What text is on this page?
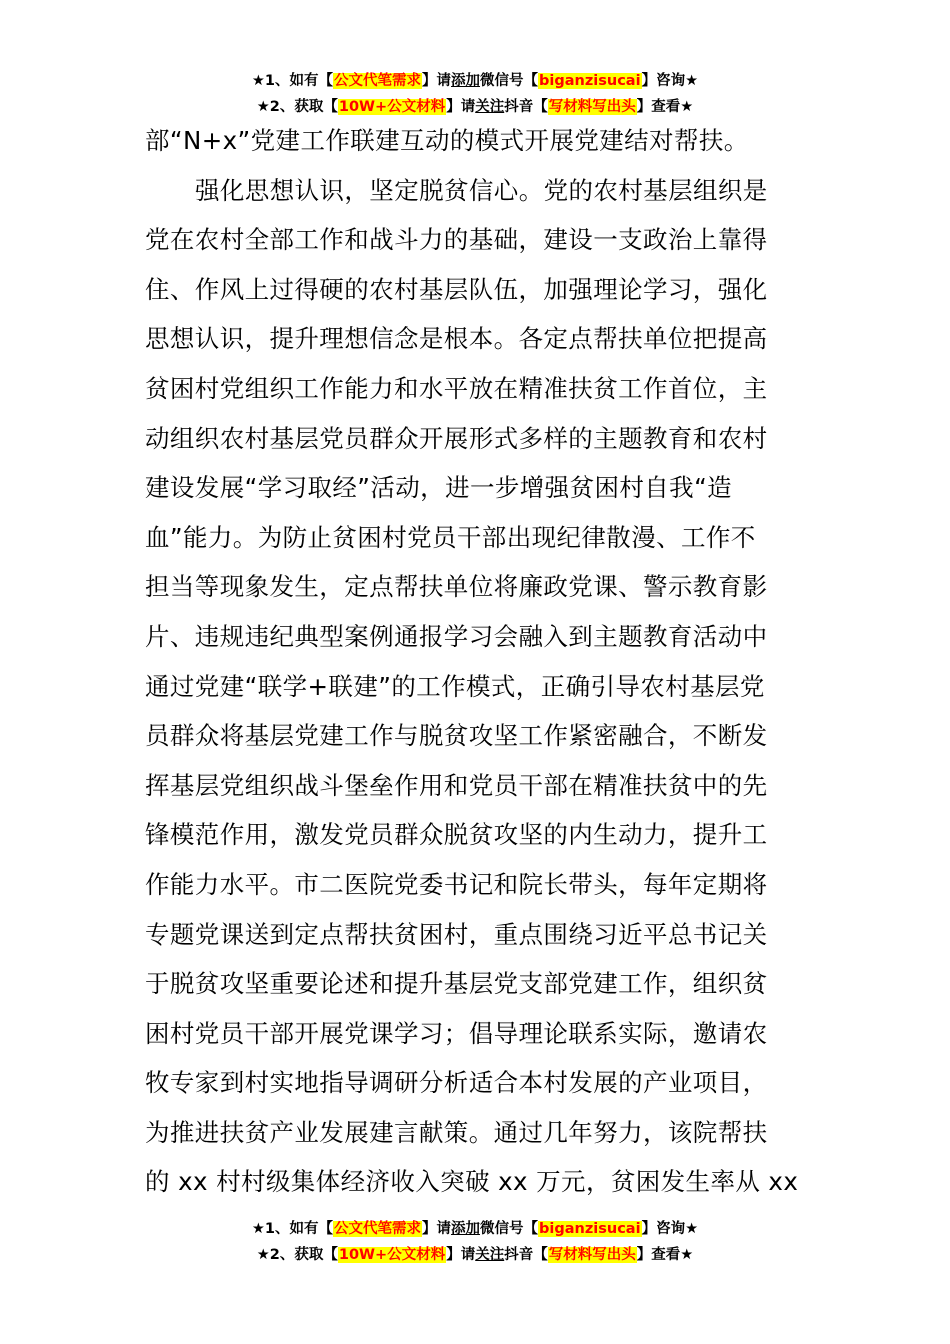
★1、如有【公文代笔需求】请添加微信号【biganzisucai】咨询★
★2、获取【10W+公文材料】请关注抖音【写材料写出头】查看★
部“N+x”党建工作联建互动的模式开展党建结对帮扶。
强化思想认识，坚定脱贫信心。党的农村基层组织是
党在农村全部工作和战斗力的基础，建设一支政治上靠得
住、作风上过得硬的农村基层队伍，加强理论学习，强化
思想认识，提升理想信念是根本。各定点帮扶单位把提高
贫困村党组织工作能力和水平放在精准扶贫工作首位，主
动组织农村基层党员群众开展形式多样的主题教育和农村
建设发展“学习取经”活动，进一步增强贫困村自我“造
血”能力。为防止贫困村党员干部出现纪律散漫、工作不
担当等现象发生，定点帮扶单位将廉政党课、警示教育影
片、违规违纪典型案例通报学习会融入到主题教育活动中
通过党建“联学+联建”的工作模式，正确引导农村基层党
员群众将基层党建工作与脱贫攻坚工作紧密融合，不断发
挥基层党组织战斗堡垒作用和党员干部在精准扶贫中的先
锋模范作用，激发党员群众脱贫攻坚的内生动力，提升工
作能力水平。市二医院党委书记和院长带头，每年定期将
专题党课送到定点帮扶贫困村，重点围绕习近平总书记关
于脱贫攻坚重要论述和提升基层党支部党建工作，组织贫
困村党员干部开展党课学习；倡导理论联系实际，邀请农
牧专家到村实地指导调研分析适合本村发展的产业项目，
为推进扶贫产业发展建言献策。通过几年努力，该院帮扶
的 xx 村村级集体经济收入突破 xx 万元，贫困发生率从 xx
★1、如有【公文代笔需求】请添加微信号【biganzisucai】咨询★
★2、获取【10W+公文材料】请关注抖音【写材料写出头】查看★
